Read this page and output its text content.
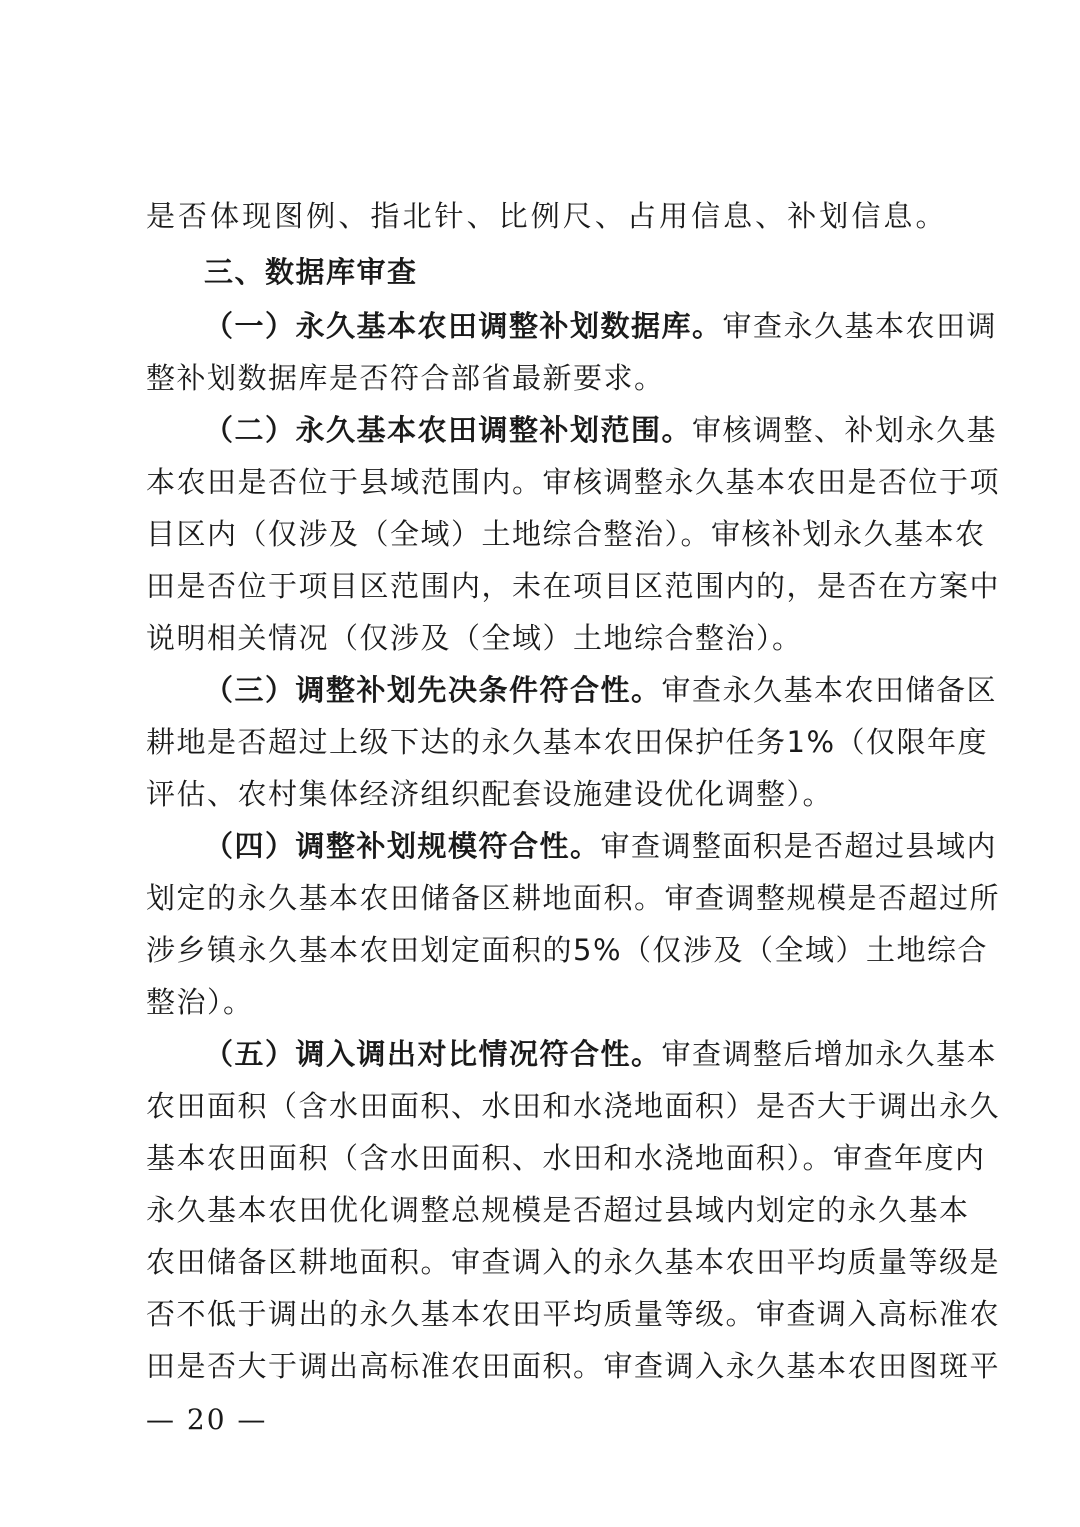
是否体现图例、指北针、比例尺、占用信息、补划信息。
三、数据库审查
（一）永久基本农田调整补划数据库。审查永久基本农田调
整补划数据库是否符合部省最新要求。
（二）永久基本农田调整补划范围。审核调整、补划永久基
本农田是否位于县域范围内。审核调整永久基本农田是否位于项
目区内（仅涉及（全域）土地综合整治）。审核补划永久基本农
田是否位于项目区范围内，未在项目区范围内的，是否在方案中
说明相关情况（仅涉及（全域）土地综合整治）。
（三）调整补划先决条件符合性。审查永久基本农田储备区
耕地是否超过上级下达的永久基本农田保护任务1%（仅限年度
评估、农村集体经济组织配套设施建设优化调整）。
（四）调整补划规模符合性。审查调整面积是否超过县域内
划定的永久基本农田储备区耕地面积。审查调整规模是否超过所
涉乡镇永久基本农田划定面积的5%（仅涉及（全域）土地综合
整治）。
（五）调入调出对比情况符合性。审查调整后增加永久基本
农田面积（含水田面积、水田和水浇地面积）是否大于调出永久
基本农田面积（含水田面积、水田和水浇地面积）。审查年度内
永久基本农田优化调整总规模是否超过县域内划定的永久基本
农田储备区耕地面积。审查调入的永久基本农田平均质量等级是
否不低于调出的永久基本农田平均质量等级。审查调入高标准农
田是否大于调出高标准农田面积。审查调入永久基本农田图斑平
— 20 —
